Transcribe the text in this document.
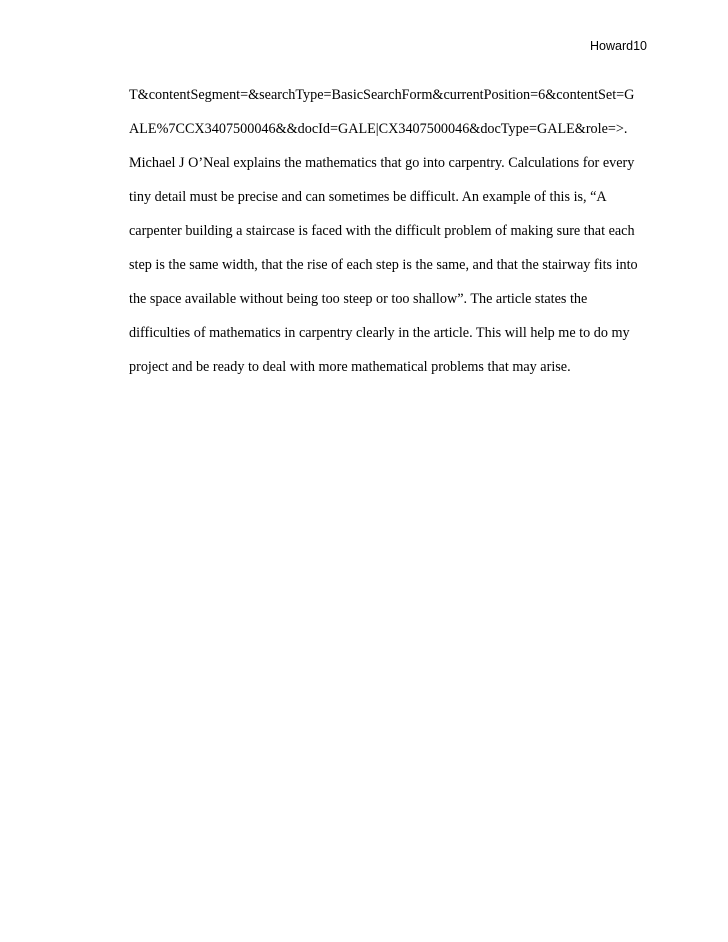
Howard10
T&contentSegment=&searchType=BasicSearchForm&currentPosition=6&contentSet=G
ALE%7CCX3407500046&&docId=GALE|CX3407500046&docType=GALE&role=>.
Michael J O’Neal explains the mathematics that go into carpentry. Calculations for every
tiny detail must be precise and can sometimes be difficult. An example of this is, “A
carpenter building a staircase is faced with the difficult problem of making sure that each
step is the same width, that the rise of each step is the same, and that the stairway fits into
the space available without being too steep or too shallow”. The article states the
difficulties of mathematics in carpentry clearly in the article. This will help me to do my
project and be ready to deal with more mathematical problems that may arise.
